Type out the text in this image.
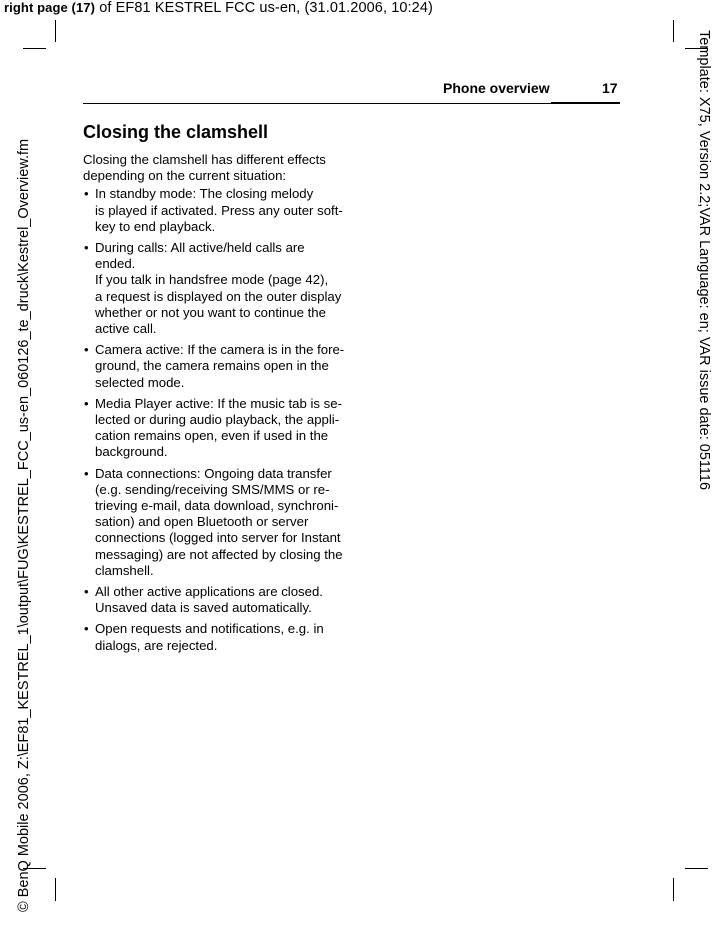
right page (17) of EF81 KESTREL FCC us-en, (31.01.2006, 10:24)
© BenQ Mobile 2006, Z:\EF81_KESTREL_1\output\FUG\KESTREL_FCC_us-en_060126_te_druck\Kestrel_Overview.fm	Template: X75, Version 2.2;VAR Language: en; VAR issue date: 051116
Phone overview	17
Closing the clamshell

Closing the clamshell has different effects
depending on the current situation:

• In standby mode: The closing melody
is played if activated. Press any outer soft-
key to end playback.
• During calls: All active/held calls are
ended.
If you talk in handsfree mode (page 42),
a request is displayed on the outer display
whether or not you want to continue the
active call.
• Camera active: If the camera is in the fore-
ground, the camera remains open in the
selected mode.
• Media Player active: If the music tab is se-
lected or during audio playback, the appli-
cation remains open, even if used in the
background.
• Data connections: Ongoing data transfer
(e.g. sending/receiving SMS/MMS or re-
trieving e-mail, data download, synchroni-
sation) and open Bluetooth or server
connections (logged into server for Instant
messaging) are not affected by closing the
clamshell.
• All other active applications are closed.
Unsaved data is saved automatically.
• Open requests and notifications, e.g. in
dialogs, are rejected.
